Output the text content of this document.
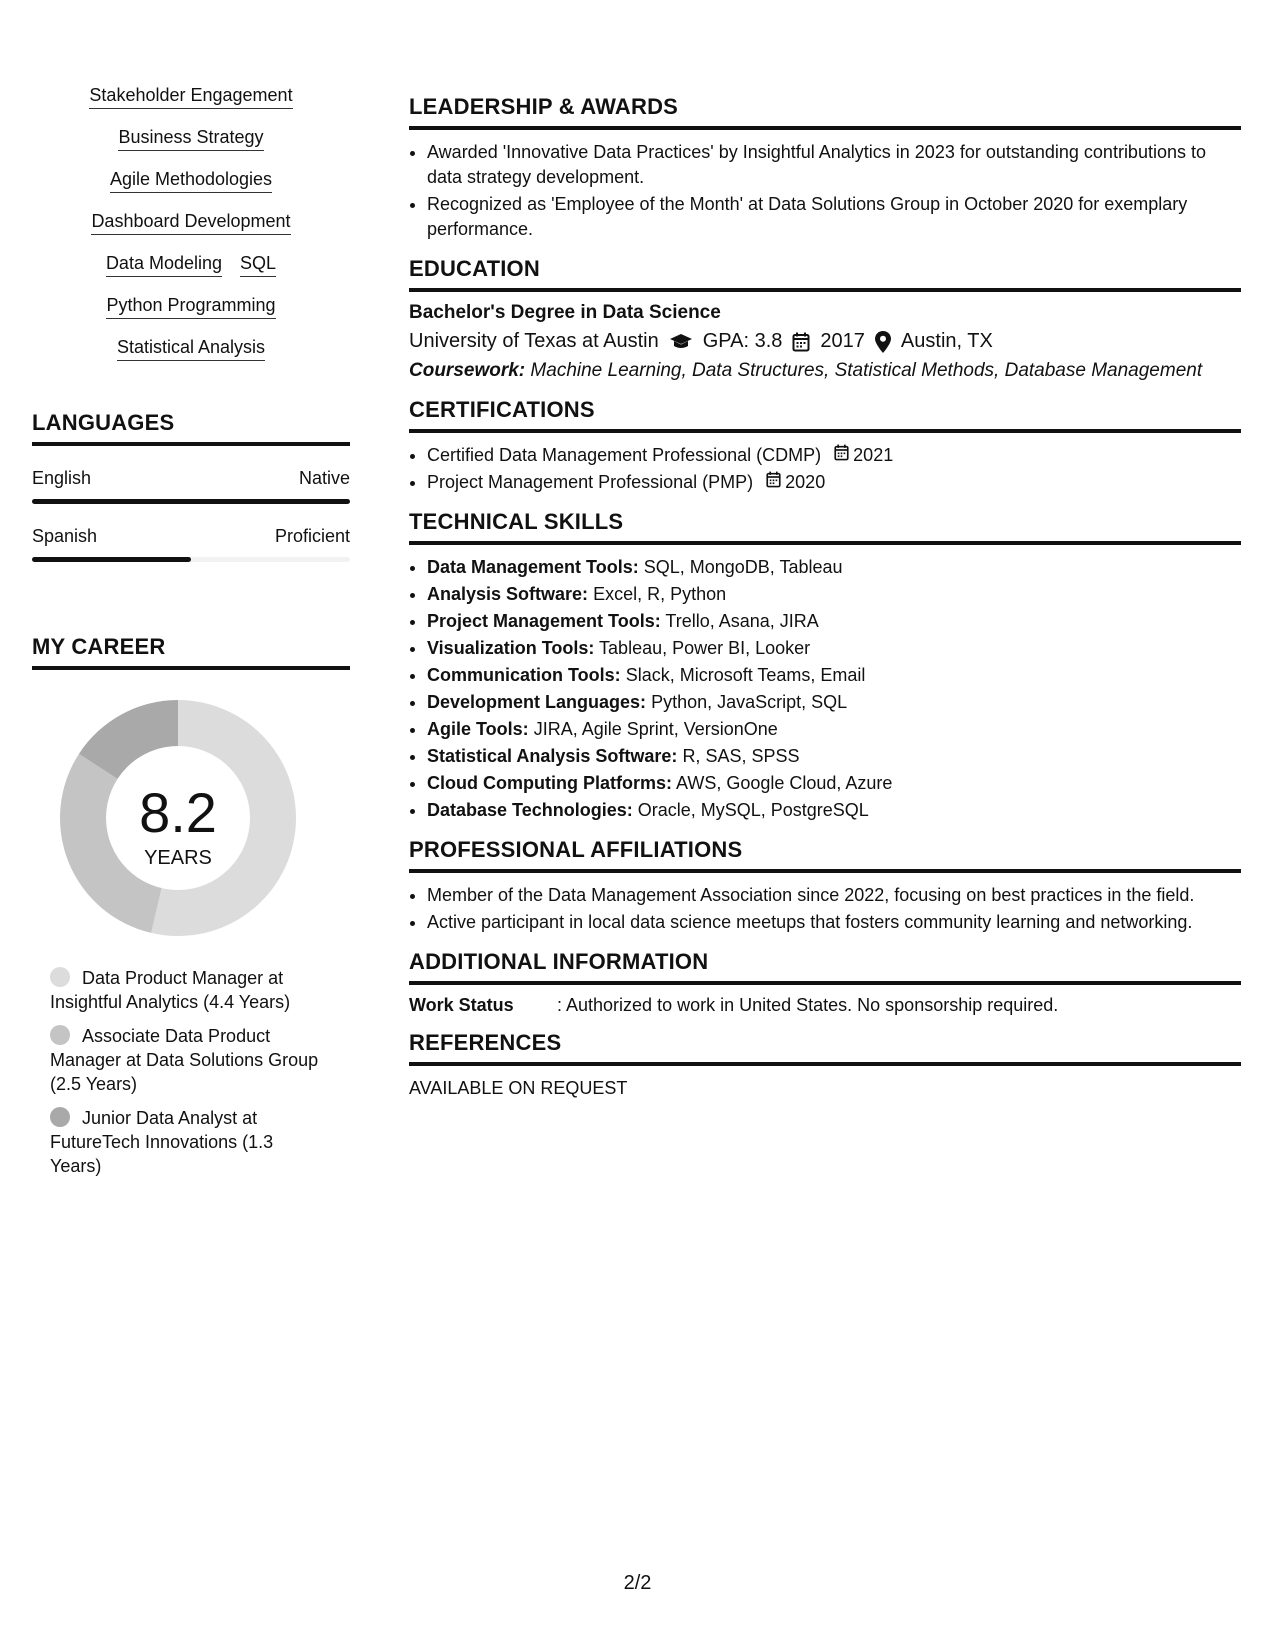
Stakeholder Engagement
Business Strategy
Agile Methodologies
Dashboard Development
Data Modeling SQL
Python Programming
Statistical Analysis
LANGUAGES
English	Native
Spanish	Proficient
MY CAREER
8.2
YEARS
Data Product Manager at Insightful Analytics (4.4 Years)
Associate Data Product Manager at Data Solutions Group (2.5 Years)
Junior Data Analyst at FutureTech Innovations (1.3 Years)
LEADERSHIP & AWARDS
• Awarded 'Innovative Data Practices' by Insightful Analytics in 2023 for outstanding contributions to data strategy development.
• Recognized as 'Employee of the Month' at Data Solutions Group in October 2020 for exemplary performance.
EDUCATION
Bachelor's Degree in Data Science
University of Texas at Austin GPA: 3.8 2017 Austin, TX
Coursework: Machine Learning, Data Structures, Statistical Methods, Database Management
CERTIFICATIONS
• Certified Data Management Professional (CDMP) 2021
• Project Management Professional (PMP) 2020
TECHNICAL SKILLS
• Data Management Tools: SQL, MongoDB, Tableau
• Analysis Software: Excel, R, Python
• Project Management Tools: Trello, Asana, JIRA
• Visualization Tools: Tableau, Power BI, Looker
• Communication Tools: Slack, Microsoft Teams, Email
• Development Languages: Python, JavaScript, SQL
• Agile Tools: JIRA, Agile Sprint, VersionOne
• Statistical Analysis Software: R, SAS, SPSS
• Cloud Computing Platforms: AWS, Google Cloud, Azure
• Database Technologies: Oracle, MySQL, PostgreSQL
PROFESSIONAL AFFILIATIONS
• Member of the Data Management Association since 2022, focusing on best practices in the field.
• Active participant in local data science meetups that fosters community learning and networking.
ADDITIONAL INFORMATION
Work Status	: Authorized to work in United States. No sponsorship required.
REFERENCES
AVAILABLE ON REQUEST
2/2
